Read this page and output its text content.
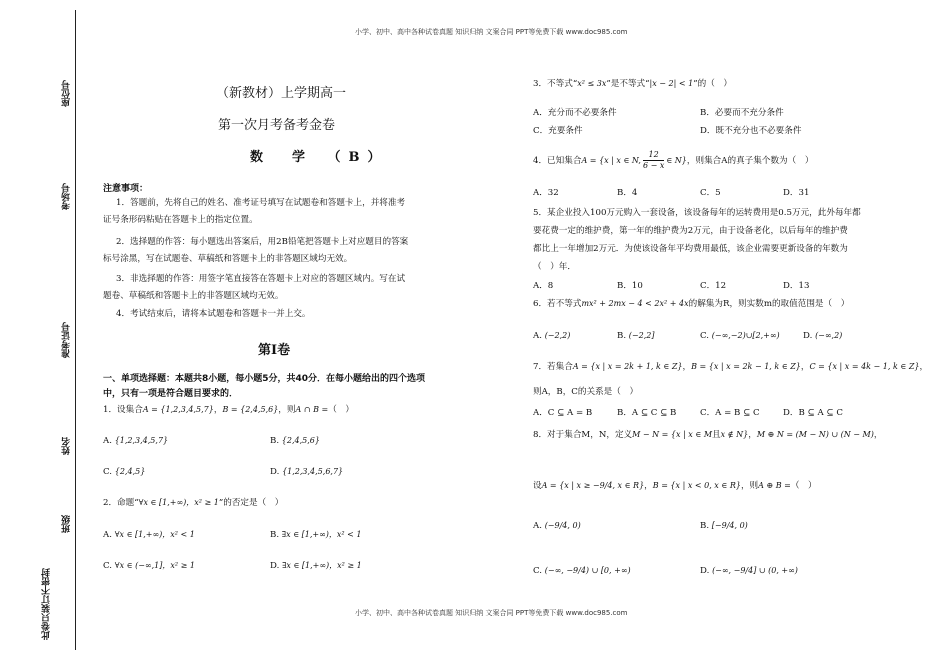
小学、初中、高中各种试卷真题 知识归纳 文案合同 PPT等免费下载 www.doc985.com
小学、初中、高中各种试卷真题 知识归纳 文案合同 PPT等免费下载 www.doc985.com
座位号
考场号
准考证号
姓名
班级
此卷只装订不密封
（新教材）上学期高一
第一次月考备考金卷
数　学　（B）
注意事项：
1．答题前，先将自己的姓名、准考证号填写在试题卷和答题卡上，并将准考
证号条形码粘贴在答题卡上的指定位置。
2．选择题的作答：每小题选出答案后，用2B铅笔把答题卡上对应题目的答案
标号涂黑，写在试题卷、草稿纸和答题卡上的非答题区域均无效。
3．非选择题的作答：用签字笔直接答在答题卡上对应的答题区域内。写在试
题卷、草稿纸和答题卡上的非答题区域均无效。
4．考试结束后，请将本试题卷和答题卡一并上交。
第Ⅰ卷
一、单项选择题：本题共8小题，每小题5分，共40分．在每小题给出的四个选项
中，只有一项是符合题目要求的．
1．设集合A = {1,2,3,4,5,7}，B = {2,4,5,6}，则A ∩ B =（　）
A. {1,2,3,4,5,7}	B. {2,4,5,6}
C. {2,4,5}	D. {1,2,3,4,5,6,7}
2．命题“∀x ∈ [1,+∞)，x² ≥ 1”的否定是（　）
A. ∀x ∈ [1,+∞)，x² < 1	B. ∃x ∈ [1,+∞)，x² < 1
C. ∀x ∈ (−∞,1]，x² ≥ 1	D. ∃x ∈ [1,+∞)，x² ≥ 1
3．不等式“x² ≤ 3x”是不等式“|x − 2| < 1”的（　）
A．充分而不必要条件	B．必要而不充分条件
C．充要条件	D．既不充分也不必要条件
4．已知集合A = {x | x ∈ N, $\frac{12}{6 - x}$ ∈ N}，则集合A的真子集个数为（　）
A．32	B．4	C．5	D．31
5．某企业投入100万元购入一套设备，该设备每年的运转费用是0.5万元，此外每年都
要花费一定的维护费，第一年的维护费为2万元，由于设备老化，以后每年的维护费
都比上一年增加2万元．为使该设备年平均费用最低，该企业需要更新设备的年数为
（　）年．
A．8	B．10	C．12	D．13
6．若不等式mx² + 2mx − 4 < 2x² + 4x的解集为R，则实数m的取值范围是（　）
A. (−2,2)	B. (−2,2]	C. (−∞,−2)∪[2,+∞)	D. (−∞,2)
7．若集合A = {x | x = 2k + 1, k ∈ Z}，B = {x | x = 2k − 1, k ∈ Z}，C = {x | x = 4k − 1, k ∈ Z}，
则A，B，C的关系是（　）
A．C ⊆ A = B	B．A ⊆ C ⊆ B	C．A = B ⊆ C	D．B ⊆ A ⊆ C
8．对于集合M，N，定义M − N = {x | x ∈ M且x ∉ N}，M ⊕ N = (M − N) ∪ (N − M)，
设A = {x | x ≥ −9/4, x ∈ R}，B = {x | x < 0, x ∈ R}，则A ⊕ B =（　）
A. (−9/4, 0)	B. [−9/4, 0)
C. (−∞, −9/4) ∪ [0, +∞)	D. (−∞, −9/4] ∪ (0, +∞)
